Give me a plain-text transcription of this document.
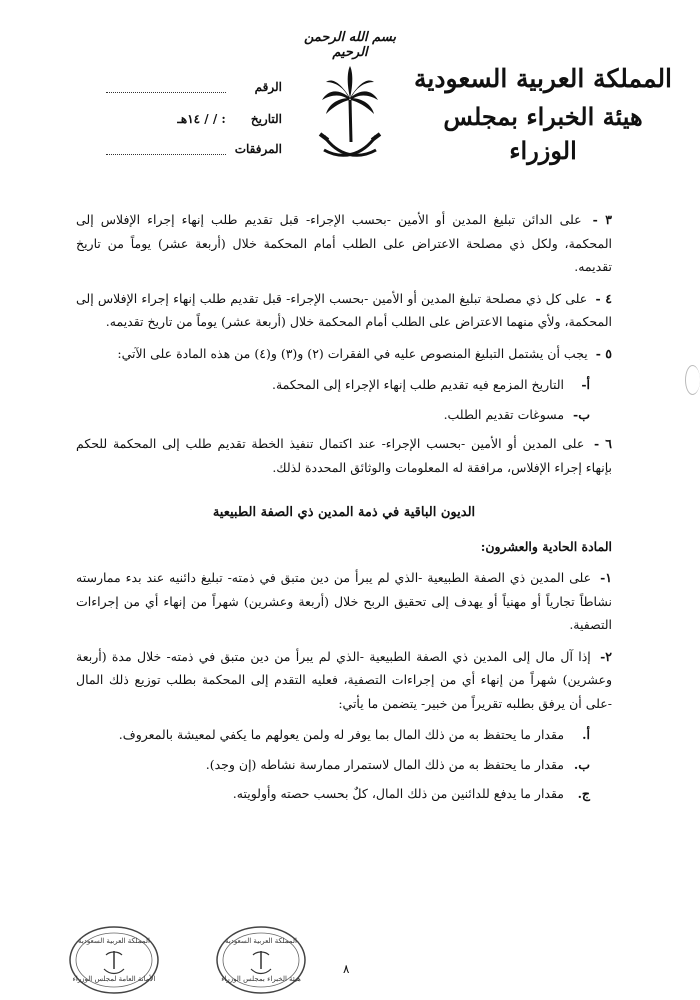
بسم الله الرحمن الرحيم
المملكة العربية السعودية
هيئة الخبراء بمجلس الوزراء
الرقم
التاريخ : / / ١٤هـ
المرفقات

٣ - على الدائن تبليغ المدين أو الأمين -بحسب الإجراء- قبل تقديم طلب إنهاء إجراء الإفلاس إلى المحكمة، ولكل ذي مصلحة الاعتراض على الطلب أمام المحكمة خلال (أربعة عشر) يوماً من تاريخ تقديمه.

٤ - على كل ذي مصلحة تبليغ المدين أو الأمين -بحسب الإجراء- قبل تقديم طلب إنهاء إجراء الإفلاس إلى المحكمة، ولأي منهما الاعتراض على الطلب أمام المحكمة خلال (أربعة عشر) يوماً من تاريخ تقديمه.

٥ - يجب أن يشتمل التبليغ المنصوص عليه في الفقرات (٢) و(٣) و(٤) من هذه المادة على الآتي:

أ- التاريخ المزمع فيه تقديم طلب إنهاء الإجراء إلى المحكمة.

ب- مسوغات تقديم الطلب.

٦ - على المدين أو الأمين -بحسب الإجراء- عند اكتمال تنفيذ الخطة تقديم طلب إلى المحكمة للحكم بإنهاء إجراء الإفلاس، مرافقة له المعلومات والوثائق المحددة لذلك.

الديون الباقية في ذمة المدين ذي الصفة الطبيعية
المادة الحادية والعشرون:

١- على المدين ذي الصفة الطبيعية -الذي لم يبرأ من دين متبق في ذمته- تبليغ دائنيه عند بدء ممارسته نشاطاً تجارياً أو مهنياً أو يهدف إلى تحقيق الربح خلال (أربعة وعشرين) شهراً من إنهاء أي من إجراءات التصفية.

٢- إذا آل مال إلى المدين ذي الصفة الطبيعية -الذي لم يبرأ من دين متبق في ذمته- خلال مدة (أربعة وعشرين) شهراً من إنهاء أي من إجراءات التصفية، فعليه التقدم إلى المحكمة بطلب توزيع ذلك المال -على أن يرفق بطلبه تقريراً من خبير- يتضمن ما يأتي:

أ. مقدار ما يحتفظ به من ذلك المال بما يوفر له ولمن يعولهم ما يكفي لمعيشة بالمعروف.

ب. مقدار ما يحتفظ به من ذلك المال لاستمرار ممارسة نشاطه (إن وجد).

ج. مقدار ما يدفع للدائنين من ذلك المال، كلٌ بحسب حصته وأولويته.

المملكة العربية السعودية
الأمانة العامة لمجلس الوزراء
المملكة العربية السعودية
هيئة الخبراء بمجلس الوزراء
٨
